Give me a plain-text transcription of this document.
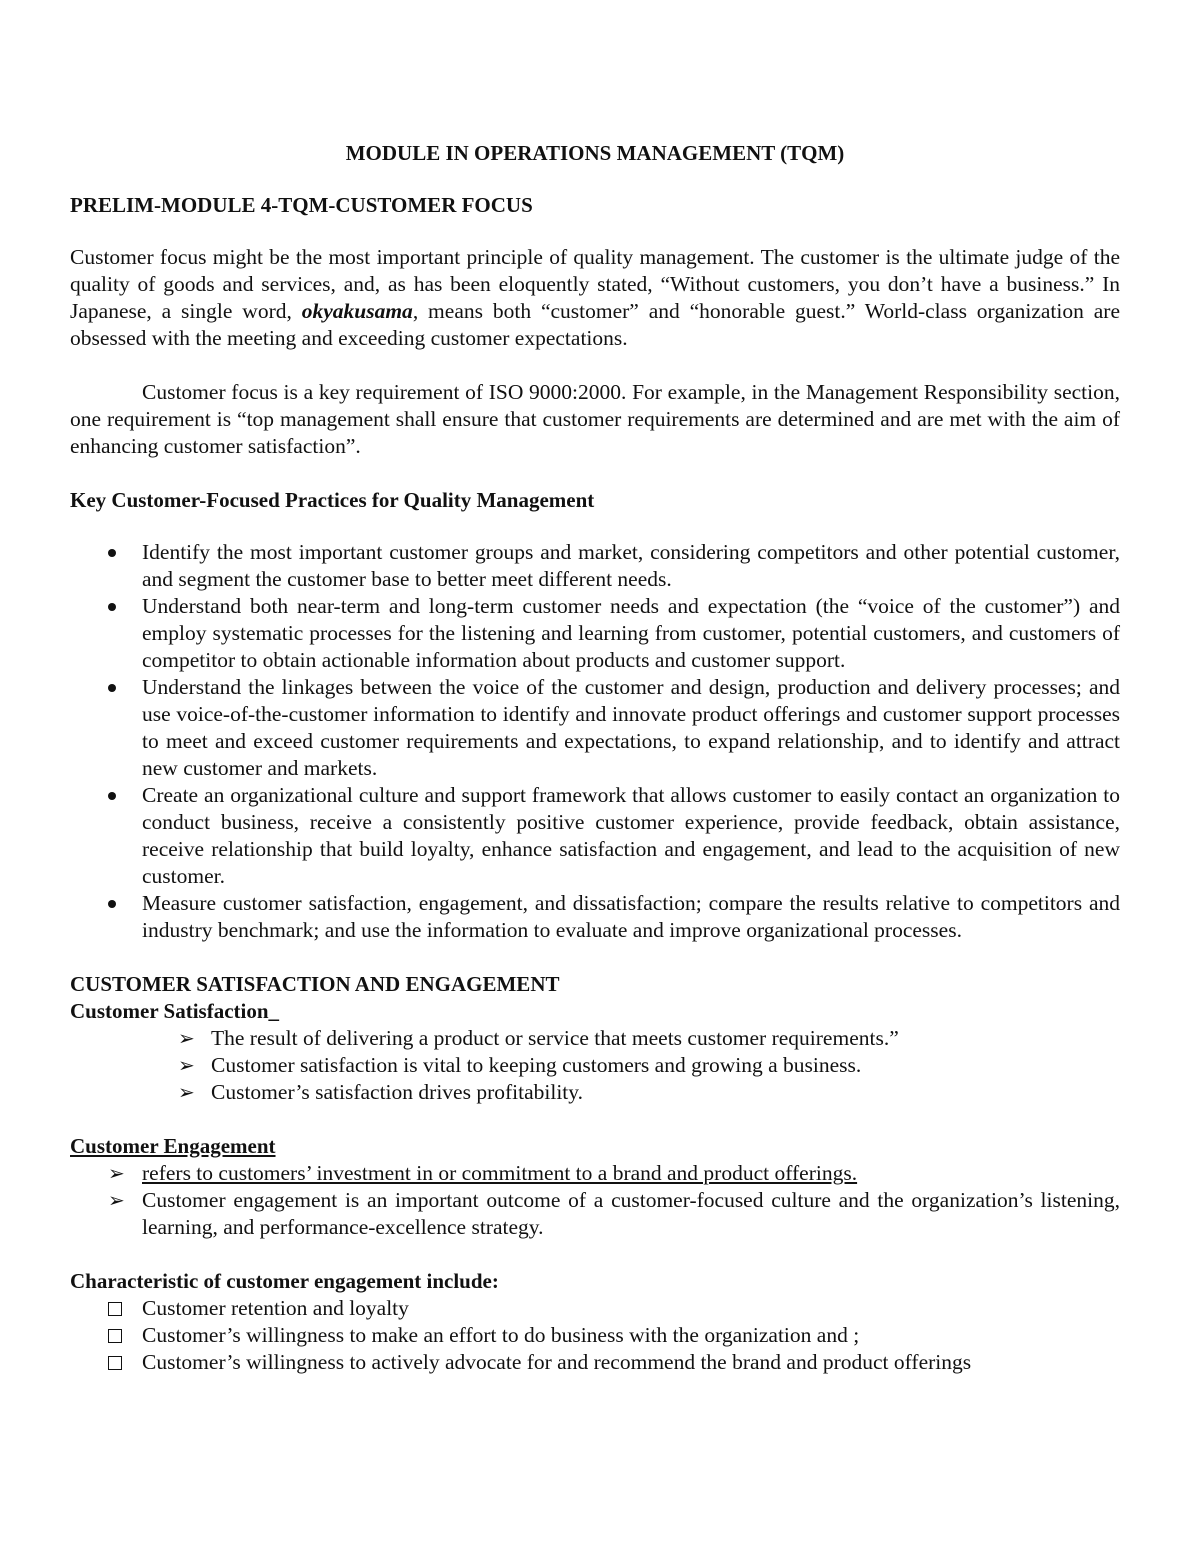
MODULE IN OPERATIONS MANAGEMENT (TQM)
PRELIM-MODULE 4-TQM-CUSTOMER FOCUS

Customer focus might be the most important principle of quality management. The customer is the ultimate judge of the quality of goods and services, and, as has been eloquently stated, “Without customers, you don’t have a business.” In Japanese, a single word, okyakusama, means both “customer” and “honorable guest.” World-class organization are obsessed with the meeting and exceeding customer expectations.

Customer focus is a key requirement of ISO 9000:2000. For example, in the Management Responsibility section, one requirement is “top management shall ensure that customer requirements are determined and are met with the aim of enhancing customer satisfaction”.

Key Customer-Focused Practices for Quality Management
Identify the most important customer groups and market, considering competitors and other potential customer, and segment the customer base to better meet different needs.
Understand both near-term and long-term customer needs and expectation (the “voice of the customer”) and employ systematic processes for the listening and learning from customer, potential customers, and customers of competitor to obtain actionable information about products and customer support.
Understand the linkages between the voice of the customer and design, production and delivery processes; and use voice-of-the-customer information to identify and innovate product offerings and customer support processes to meet and exceed customer requirements and expectations, to expand relationship, and to identify and attract new customer and markets.
Create an organizational culture and support framework that allows customer to easily contact an organization to conduct business, receive a consistently positive customer experience, provide feedback, obtain assistance, receive relationship that build loyalty, enhance satisfaction and engagement, and lead to the acquisition of new customer.
Measure customer satisfaction, engagement, and dissatisfaction; compare the results relative to competitors and industry benchmark; and use the information to evaluate and improve organizational processes.
CUSTOMER SATISFACTION AND ENGAGEMENT
Customer Satisfaction_
➢ The result of delivering a product or service that meets customer requirements.”
➢ Customer satisfaction is vital to keeping customers and growing a business.
➢ Customer’s satisfaction drives profitability.
Customer Engagement
➢ refers to customers’ investment in or commitment to a brand and product offerings.
➢ Customer engagement is an important outcome of a customer-focused culture and the organization’s listening, learning, and performance-excellence strategy.
Characteristic of customer engagement include:
Customer retention and loyalty
Customer’s willingness to make an effort to do business with the organization and ;
Customer’s willingness to actively advocate for and recommend the brand and product offerings
